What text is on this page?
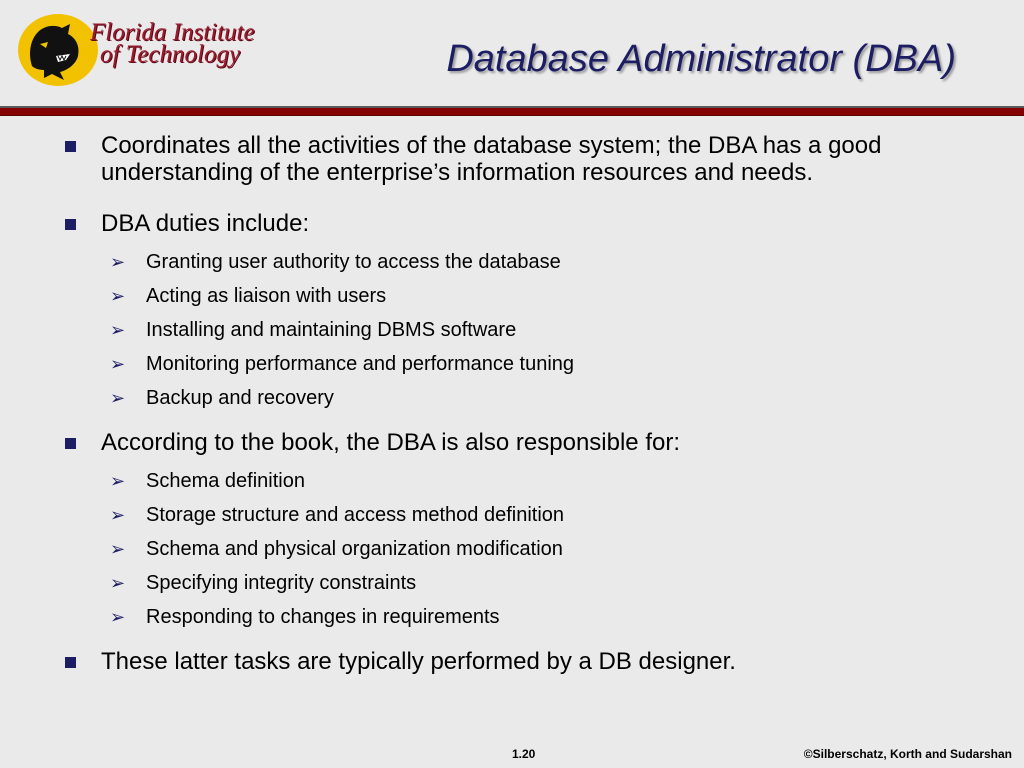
Florida Institute
of Technology	Database Administrator (DBA)
Coordinates all the activities of the database system; the DBA has a good understanding of the enterprise’s information resources and needs.
DBA duties include:
➢ Granting user authority to access the database
➢ Acting as liaison with users
➢ Installing and maintaining DBMS software
➢ Monitoring performance and performance tuning
➢ Backup and recovery
According to the book, the DBA is also responsible for:
➢ Schema definition
➢ Storage structure and access method definition
➢ Schema and physical organization modification
➢ Specifying integrity constraints
➢ Responding to changes in requirements
These latter tasks are typically performed by a DB designer.
1.20	©Silberschatz, Korth and Sudarshan
